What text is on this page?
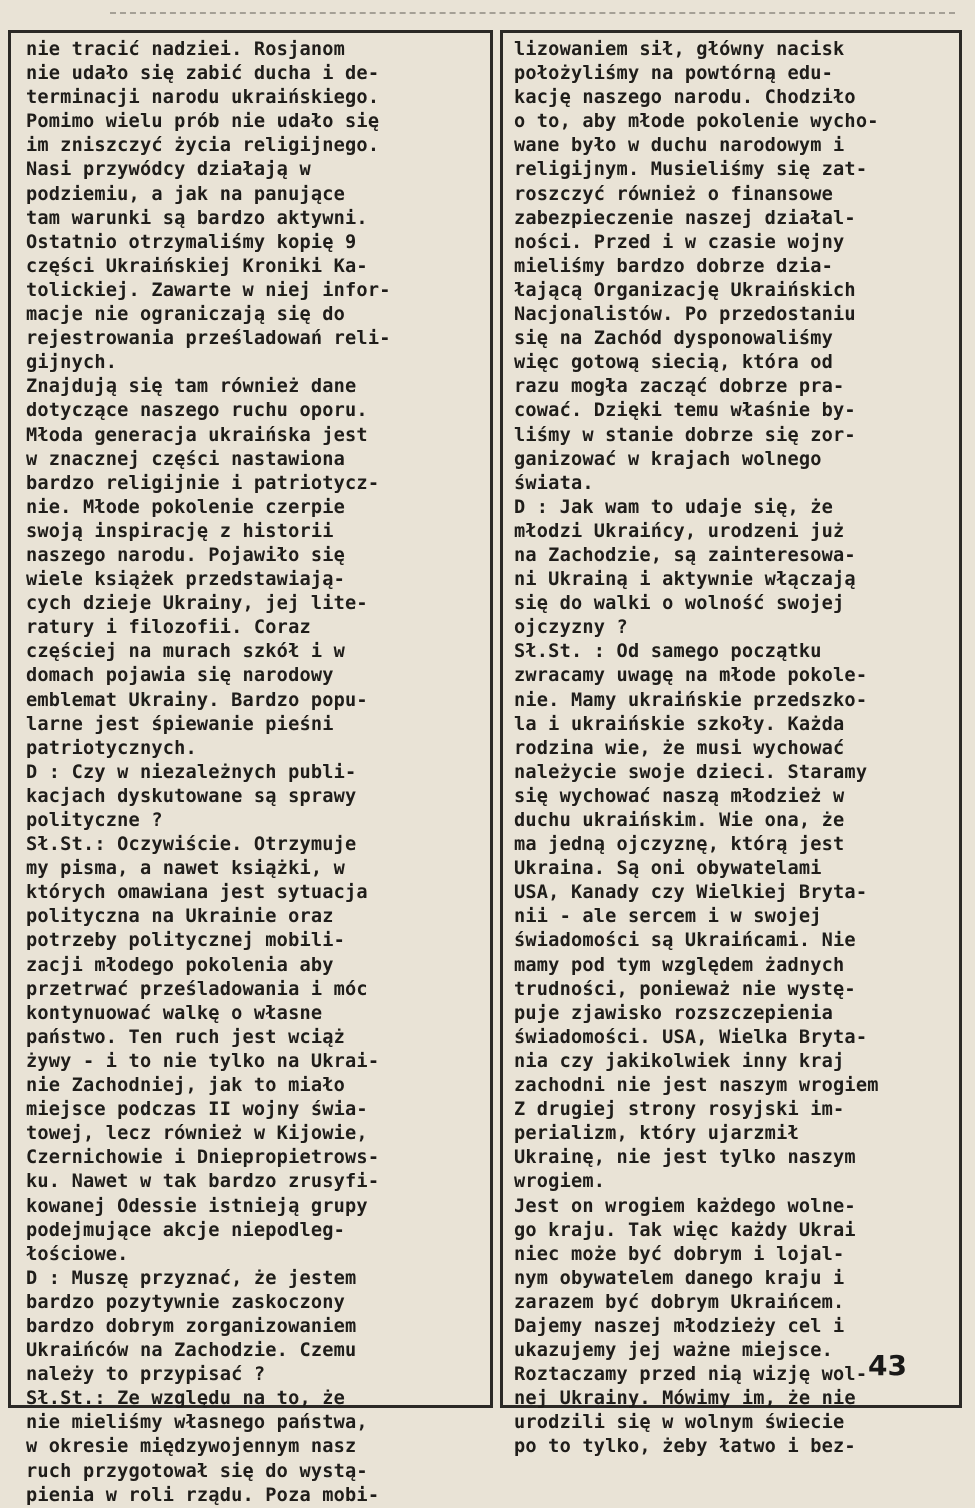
nie tracić nadziei. Rosjanom
nie udało się zabić ducha i de-
terminacji narodu ukraińskiego.
Pomimo wielu prób nie udało się
im zniszczyć życia religijnego.
Nasi przywódcy działają w
podziemiu, a jak na panujące
tam warunki są bardzo aktywni.
Ostatnio otrzymaliśmy kopię 9
części Ukraińskiej Kroniki Ka-
tolickiej. Zawarte w niej infor-
macje nie ograniczają się do
rejestrowania prześladowań reli-
gijnych.
Znajdują się tam również dane
dotyczące naszego ruchu oporu.
Młoda generacja ukraińska jest
w znacznej części nastawiona
bardzo religijnie i patriotycz-
nie. Młode pokolenie czerpie
swoją inspirację z historii
naszego narodu. Pojawiło się
wiele książek przedstawiają-
cych dzieje Ukrainy, jej lite-
ratury i filozofii. Coraz
częściej na murach szkół i w
domach pojawia się narodowy
emblemat Ukrainy. Bardzo popu-
larne jest śpiewanie pieśni
patriotycznych.
D : Czy w niezależnych publi-
kacjach dyskutowane są sprawy
polityczne ?
Sł.St.: Oczywiście. Otrzymuje
my pisma, a nawet książki, w
których omawiana jest sytuacja
polityczna na Ukrainie oraz
potrzeby politycznej mobili-
zacji młodego pokolenia aby
przetrwać prześladowania i móc
kontynuować walkę o własne
państwo. Ten ruch jest wciąż
żywy - i to nie tylko na Ukrai-
nie Zachodniej, jak to miało
miejsce podczas II wojny świa-
towej, lecz również w Kijowie,
Czernichowie i Dniepropietrows-
ku. Nawet w tak bardzo zrusyfi-
kowanej Odessie istnieją grupy
podejmujące akcje niepodleg-
łościowe.
D : Muszę przyznać, że jestem
bardzo pozytywnie zaskoczony
bardzo dobrym zorganizowaniem
Ukraińców na Zachodzie. Czemu
należy to przypisać ?
Sł.St.: Ze względu na to, że
nie mieliśmy własnego państwa,
w okresie międzywojennym nasz
ruch przygotował się do wystą-
pienia w roli rządu. Poza mobi-
lizowaniem sił, główny nacisk
położyliśmy na powtórną edu-
kację naszego narodu. Chodziło
o to, aby młode pokolenie wycho-
wane było w duchu narodowym i
religijnym. Musieliśmy się zat-
roszczyć również o finansowe
zabezpieczenie naszej działal-
ności. Przed i w czasie wojny
mieliśmy bardzo dobrze dzia-
łającą Organizację Ukraińskich
Nacjonalistów. Po przedostaniu
się na Zachód dysponowaliśmy
więc gotową siecią, która od
razu mogła zacząć dobrze pra-
cować. Dzięki temu właśnie by-
liśmy w stanie dobrze się zor-
ganizować w krajach wolnego
świata.
D : Jak wam to udaje się, że
młodzi Ukraińcy, urodzeni już
na Zachodzie, są zainteresowa-
ni Ukrainą i aktywnie włączają
się do walki o wolność swojej
ojczyzny ?
Sł.St. : Od samego początku
zwracamy uwagę na młode pokole-
nie. Mamy ukraińskie przedszko-
la i ukraińskie szkoły. Każda
rodzina wie, że musi wychować
należycie swoje dzieci. Staramy
się wychować naszą młodzież w
duchu ukraińskim. Wie ona, że
ma jedną ojczyznę, którą jest
Ukraina. Są oni obywatelami
USA, Kanady czy Wielkiej Bryta-
nii - ale sercem i w swojej
świadomości są Ukraińcami. Nie
mamy pod tym względem żadnych
trudności, ponieważ nie wystę-
puje zjawisko rozszczepienia
świadomości. USA, Wielka Bryta-
nia czy jakikolwiek inny kraj
zachodni nie jest naszym wrogiem
Z drugiej strony rosyjski im-
perializm, który ujarzmił
Ukrainę, nie jest tylko naszym
wrogiem.
Jest on wrogiem każdego wolne-
go kraju. Tak więc każdy Ukrai
niec może być dobrym i lojal-
nym obywatelem danego kraju i
zarazem być dobrym Ukraińcem.
Dajemy naszej młodzieży cel i
ukazujemy jej ważne miejsce.
Roztaczamy przed nią wizję wol-
nej Ukrainy. Mówimy im, że nie
urodzili się w wolnym świecie
po to tylko, żeby łatwo i bez-
43
